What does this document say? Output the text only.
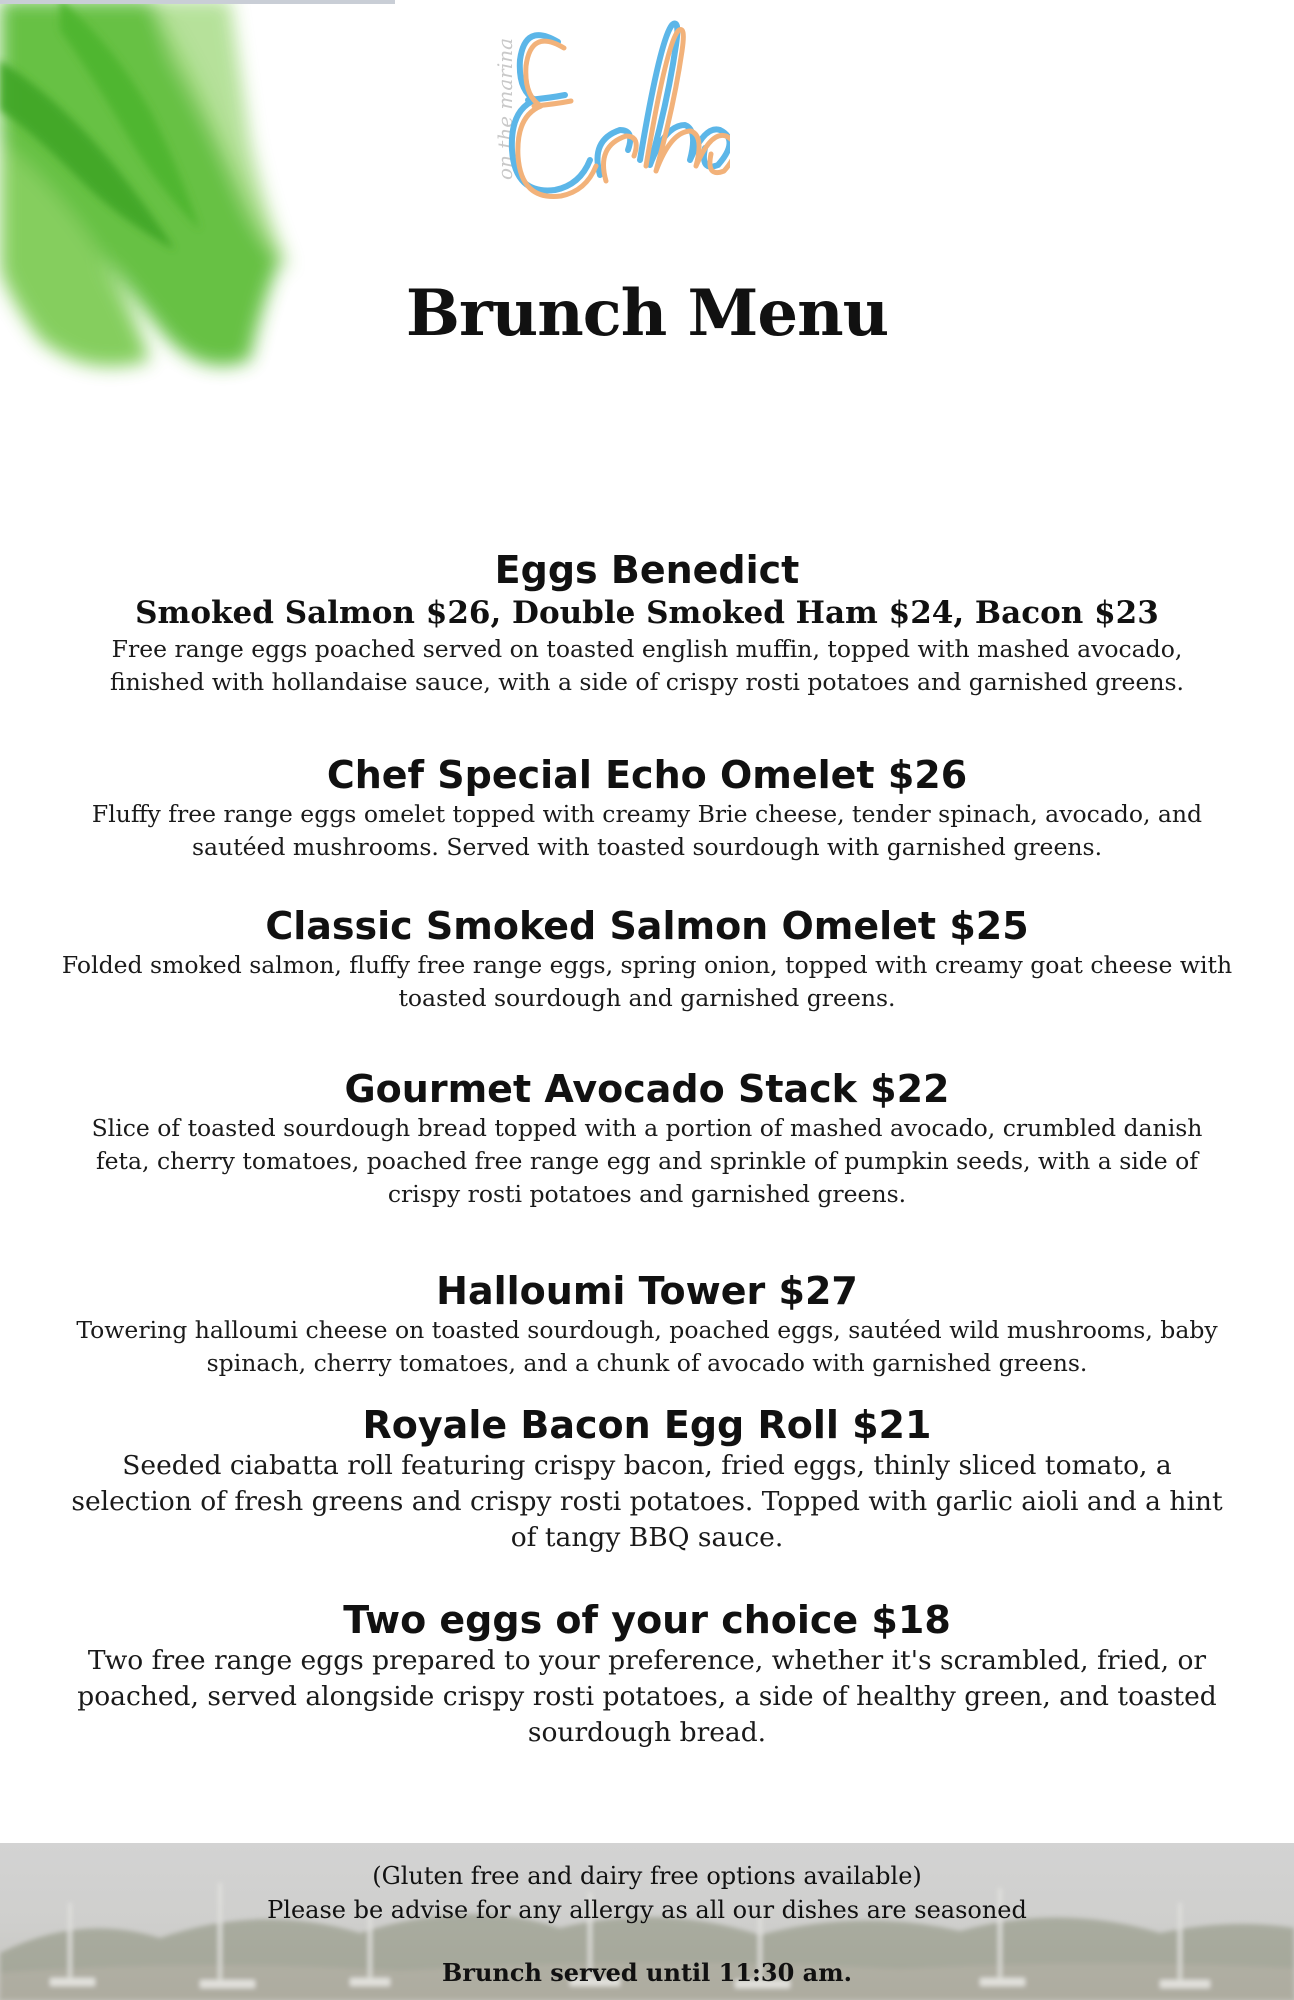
on the marina
Brunch Menu
Eggs Benedict
Smoked Salmon $26, Double Smoked Ham $24, Bacon $23

Free range eggs poached served on toasted english muffin, topped with mashed avocado, finished with hollandaise sauce, with a side of crispy rosti potatoes and garnished greens.

Chef Special Echo Omelet $26

Fluffy free range eggs omelet topped with creamy Brie cheese, tender spinach, avocado, and sautéed mushrooms. Served with toasted sourdough with garnished greens.

Classic Smoked Salmon Omelet $25

Folded smoked salmon, fluffy free range eggs, spring onion, topped with creamy goat cheese with toasted sourdough and garnished greens.

Gourmet Avocado Stack $22

Slice of toasted sourdough bread topped with a portion of mashed avocado, crumbled danish feta, cherry tomatoes, poached free range egg and sprinkle of pumpkin seeds, with a side of crispy rosti potatoes and garnished greens.

Halloumi Tower $27

Towering halloumi cheese on toasted sourdough, poached eggs, sautéed wild mushrooms, baby spinach, cherry tomatoes, and a chunk of avocado with garnished greens.

Royale Bacon Egg Roll $21

Seeded ciabatta roll featuring crispy bacon, fried eggs, thinly sliced tomato, a selection of fresh greens and crispy rosti potatoes. Topped with garlic aioli and a hint of tangy BBQ sauce.

Two eggs of your choice $18

Two free range eggs prepared to your preference, whether it's scrambled, fried, or poached, served alongside crispy rosti potatoes, a side of healthy green, and toasted sourdough bread.

(Gluten free and dairy free options available)
Please be advise for any allergy as all our dishes are seasoned
Brunch served until 11:30 am.
